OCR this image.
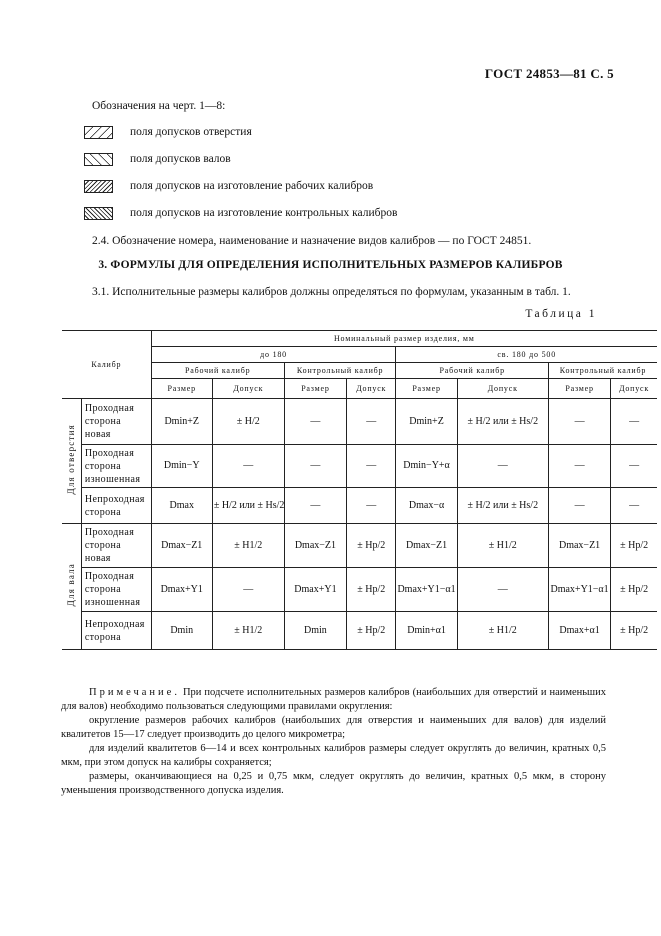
ГОСТ 24853—81 С. 5
Обозначения на черт. 1—8:
поля допусков отверстия
поля допусков валов
поля допусков на изготовление рабочих калибров
поля допусков на изготовление контрольных калибров
2.4. Обозначение номера, наименование и назначение видов калибров — по ГОСТ 24851.
3. ФОРМУЛЫ ДЛЯ ОПРЕДЕЛЕНИЯ ИСПОЛНИТЕЛЬНЫХ РАЗМЕРОВ КАЛИБРОВ
3.1. Исполнительные размеры калибров должны определяться по формулам, указанным в табл. 1.
Таблица 1
Калибр		Номинальный размер изделия, мм							
		до 180				св. 180 до 500			
		Рабочий калибр		Контрольный калибр		Рабочий калибр		Контрольный калибр	
		Размер	Допуск	Размер	Допуск	Размер	Допуск	Размер	Допуск
Для отверстия	Проходная сторона новая	Dmin+Z	± H/2	—	—	Dmin+Z	± H/2 или ± Hs/2	—	—
	Проходная сторона изношенная	Dmin−Y	—	—	—	Dmin−Y+α	—	—	—
	Непроходная сторона	Dmax	± H/2 или ± Hs/2	—	—	Dmax−α	± H/2 или ± Hs/2	—	—
Для вала	Проходная сторона новая	Dmax−Z1	± H1/2	Dmax−Z1	± Hp/2	Dmax−Z1	± H1/2	Dmax−Z1	± Hp/2
	Проходная сторона изношенная	Dmax+Y1	—	Dmax+Y1	± Hp/2	Dmax+Y1−α1	—	Dmax+Y1−α1	± Hp/2
	Непроходная сторона	Dmin	± H1/2	Dmin	± Hp/2	Dmin+α1	± H1/2	Dmax+α1	± Hp/2

Примечание. При подсчете исполнительных размеров калибров (наибольших для отверстий и наименьших для валов) необходимо пользоваться следующими правилами округления:

округление размеров рабочих калибров (наибольших для отверстия и наименьших для валов) для изделий квалитетов 15—17 следует производить до целого микрометра;

для изделий квалитетов 6—14 и всех контрольных калибров размеры следует округлять до величин, кратных 0,5 мкм, при этом допуск на калибры сохраняется;

размеры, оканчивающиеся на 0,25 и 0,75 мкм, следует округлять до величин, кратных 0,5 мкм, в сторону уменьшения производственного допуска изделия.
